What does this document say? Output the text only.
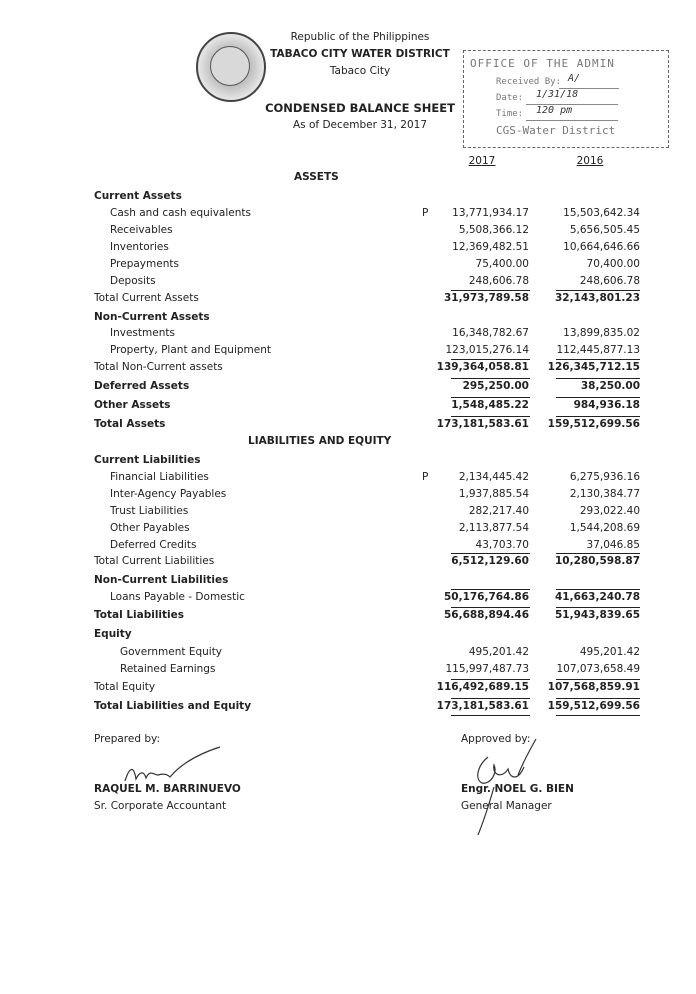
Republic of the Philippines
TABACO CITY WATER DISTRICT
Tabaco City
CONDENSED BALANCE SHEET
As of December 31, 2017
OFFICE OF THE ADMIN
Received By: A/
Date: 1/31/18
Time: 120 pm
CGS-Water District
2017	2016
ASSETS
LIABILITIES AND EQUITY
Current Assets
Cash and cash equivalents	P	13,771,934.17	15,503,642.34
Receivables	5,508,366.12	5,656,505.45
Inventories	12,369,482.51	10,664,646.66
Prepayments	75,400.00	70,400.00
Deposits	248,606.78	248,606.78
Total Current Assets	31,973,789.58	32,143,801.23
Non-Current Assets
Investments	16,348,782.67	13,899,835.02
Property, Plant and Equipment	123,015,276.14	112,445,877.13
Total Non-Current assets	139,364,058.81 126,345,712.15
Deferred Assets	295,250.00	38,250.00
Other Assets	1,548,485.22	984,936.18
Total Assets	173,181,583.61 159,512,699.56
Current Liabilities
Financial Liabilities	P	2,134,445.42	6,275,936.16
Inter-Agency Payables	1,937,885.54	2,130,384.77
Trust Liabilities	282,217.40	293,022.40
Other Payables	2,113,877.54	1,544,208.69
Deferred Credits	43,703.70	37,046.85
Total Current Liabilities	6,512,129.60	10,280,598.87
Non-Current Liabilities
Loans Payable - Domestic	50,176,764.86	41,663,240.78
Total Liabilities	56,688,894.46	51,943,839.65
Equity
Government Equity	495,201.42	495,201.42
Retained Earnings	115,997,487.73	107,073,658.49
Total Equity	116,492,689.15 107,568,859.91
Total Liabilities and Equity	173,181,583.61 159,512,699.56
Prepared by:
RAQUEL M. BARRINUEVO
Sr. Corporate Accountant
Approved by:
Engr. NOEL G. BIEN
General Manager
